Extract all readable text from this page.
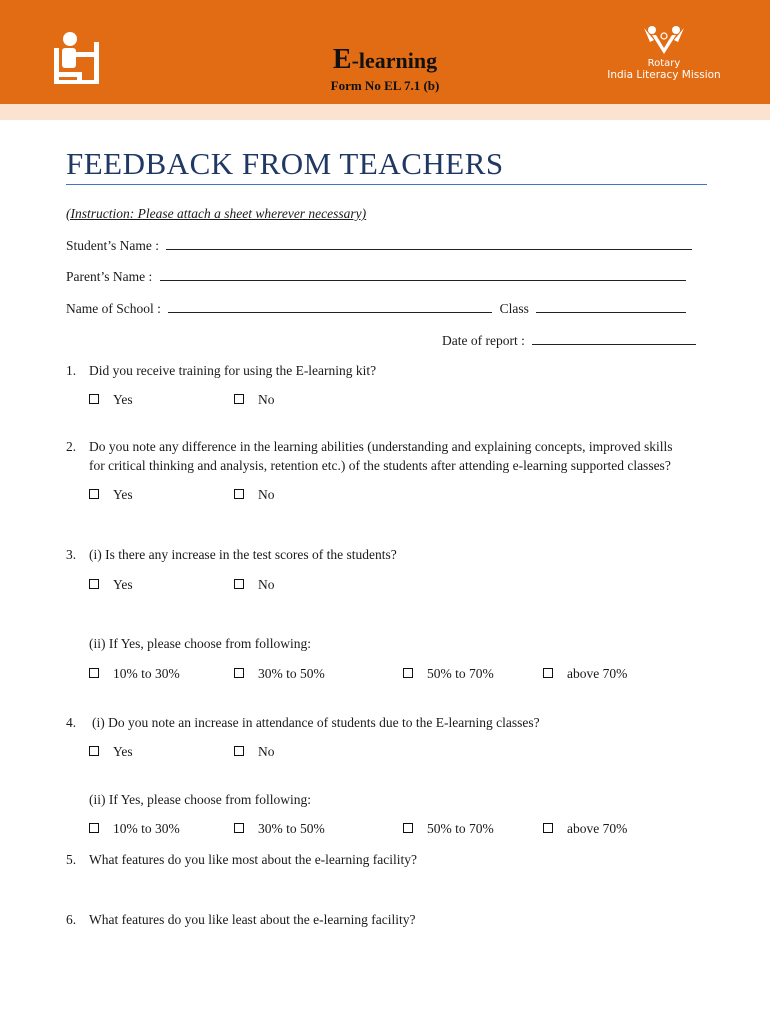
E-learning
Form No EL 7.1 (b)
Rotary
India Literacy Mission
FEEDBACK FROM TEACHERS
(Instruction: Please attach a sheet wherever necessary)
Student’s Name :
Parent’s Name :
Name of School :	Class
Date of report :
1. Did you receive training for using the E-learning kit?
Yes	No
2. Do you note any difference in the learning abilities (understanding and explaining concepts, improved skills
for critical thinking and analysis, retention etc.) of the students after attending e-learning supported classes?
Yes	No
3. (i) Is there any increase in the test scores of the students?
Yes	No
(ii) If Yes, please choose from following:
10% to 30%	30% to 50%	50% to 70%	above 70%
4. (i) Do you note an increase in attendance of students due to the E-learning classes?
Yes	No
(ii) If Yes, please choose from following:
10% to 30%	30% to 50%	50% to 70%	above 70%
5. What features do you like most about the e-learning facility?
6. What features do you like least about the e-learning facility?
